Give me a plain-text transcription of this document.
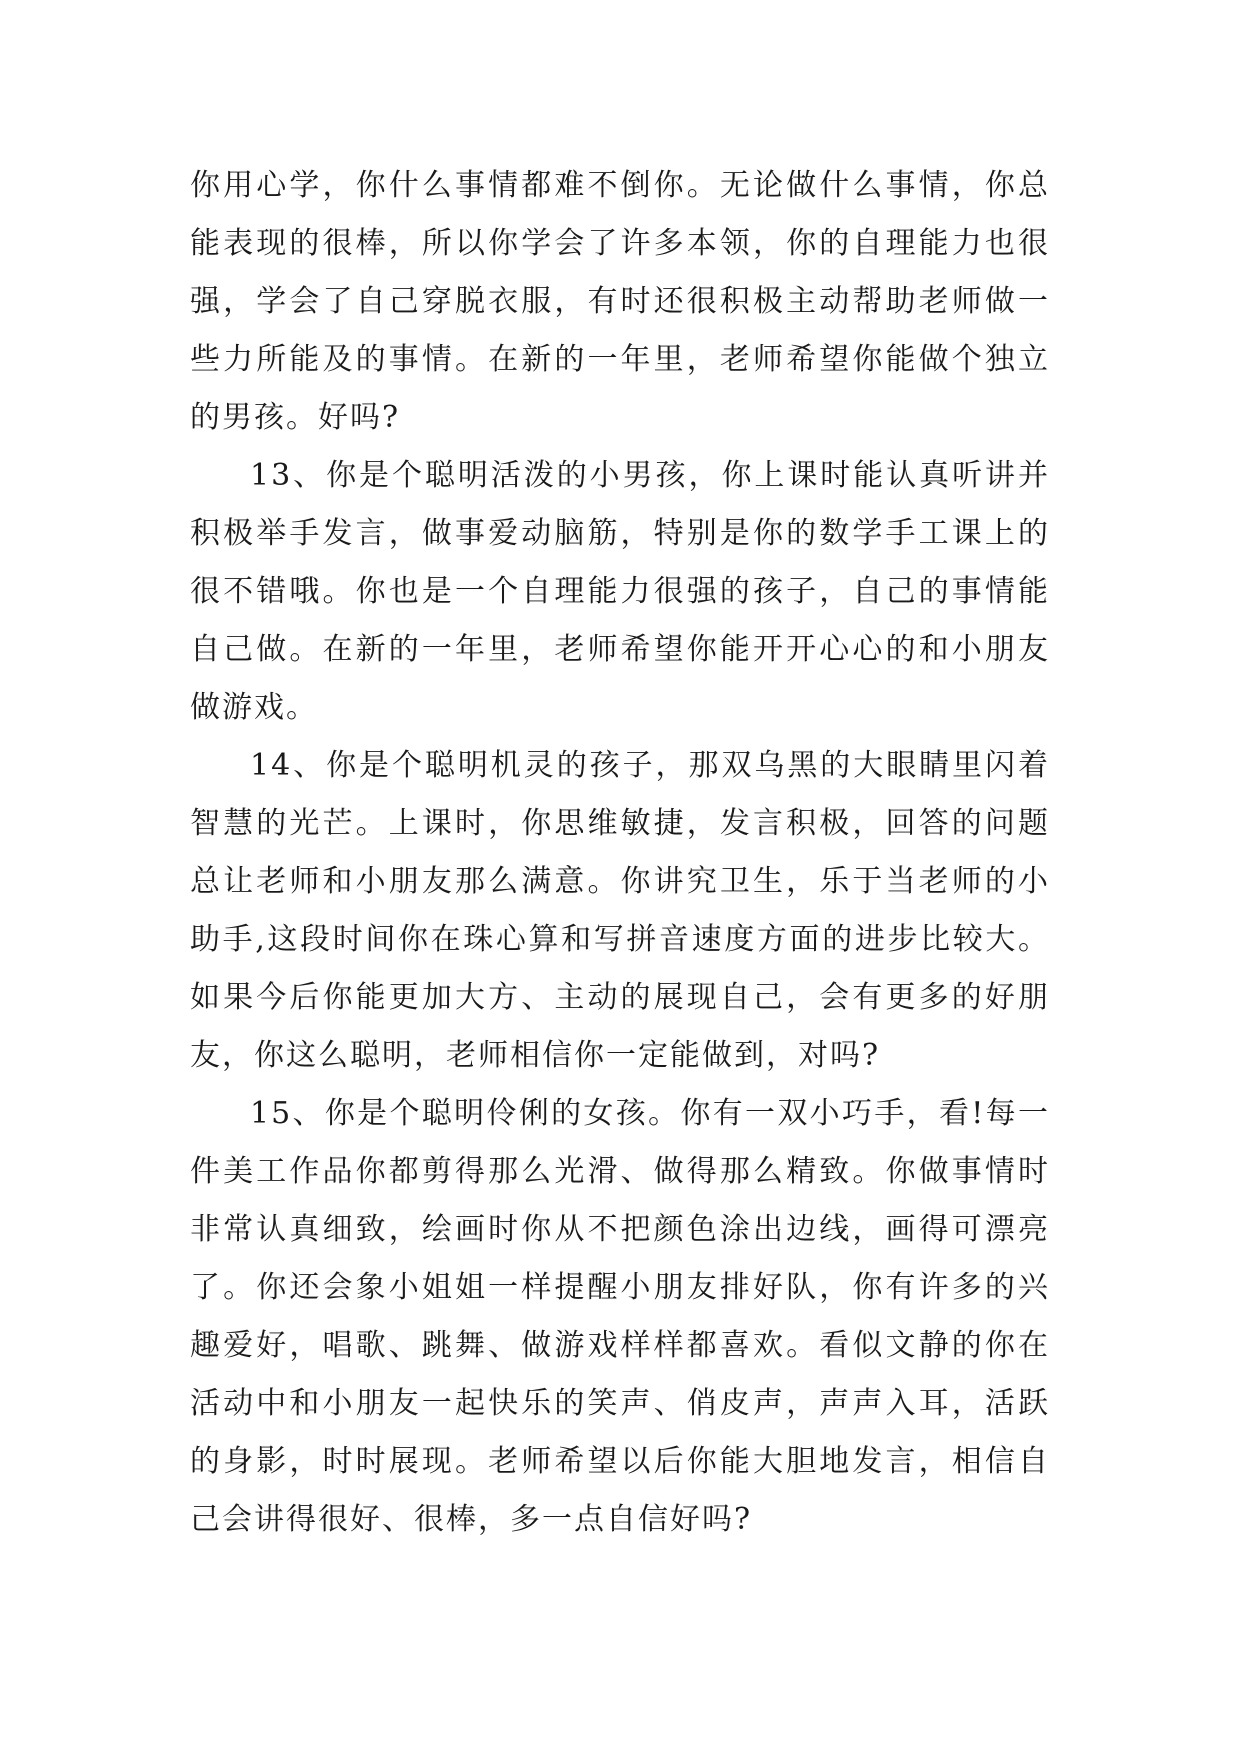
你用心学，你什么事情都难不倒你。无论做什么事情，你总能表现的很棒，所以你学会了许多本领，你的自理能力也很强，学会了自己穿脱衣服，有时还很积极主动帮助老师做一些力所能及的事情。在新的一年里，老师希望你能做个独立的男孩。好吗?

13、你是个聪明活泼的小男孩，你上课时能认真听讲并积极举手发言，做事爱动脑筋，特别是你的数学手工课上的很不错哦。你也是一个自理能力很强的孩子，自己的事情能自己做。在新的一年里，老师希望你能开开心心的和小朋友做游戏。

14、你是个聪明机灵的孩子，那双乌黑的大眼睛里闪着智慧的光芒。上课时，你思维敏捷，发言积极，回答的问题总让老师和小朋友那么满意。你讲究卫生，乐于当老师的小助手,这段时间你在珠心算和写拼音速度方面的进步比较大。如果今后你能更加大方、主动的展现自己，会有更多的好朋友，你这么聪明，老师相信你一定能做到，对吗?

15、你是个聪明伶俐的女孩。你有一双小巧手，看!每一件美工作品你都剪得那么光滑、做得那么精致。你做事情时非常认真细致，绘画时你从不把颜色涂出边线，画得可漂亮了。你还会象小姐姐一样提醒小朋友排好队，你有许多的兴趣爱好，唱歌、跳舞、做游戏样样都喜欢。看似文静的你在活动中和小朋友一起快乐的笑声、俏皮声，声声入耳，活跃的身影，时时展现。老师希望以后你能大胆地发言，相信自己会讲得很好、很棒，多一点自信好吗?
